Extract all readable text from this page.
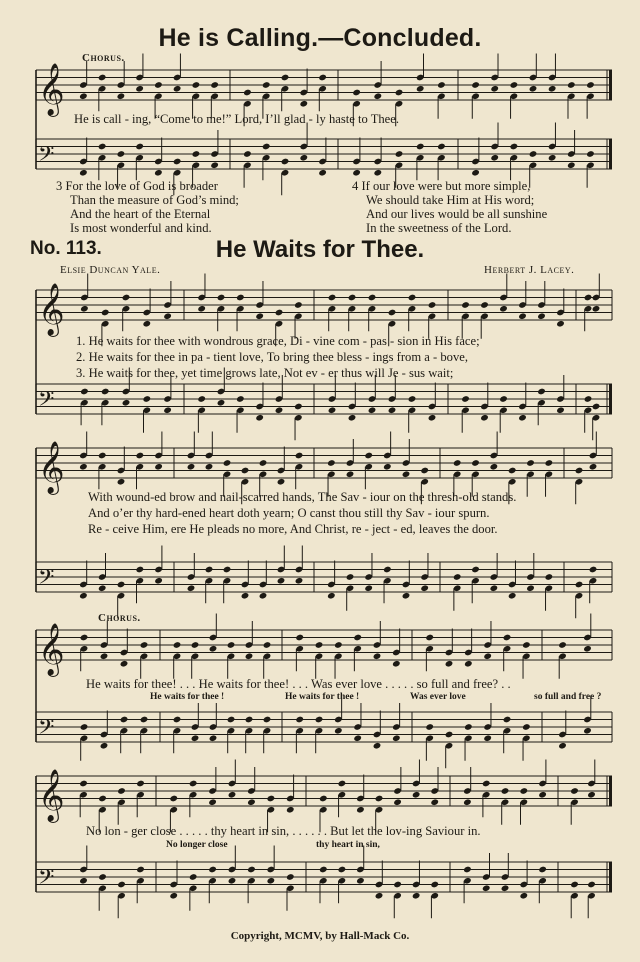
He is Calling.—Concluded.
Chorus.
He is call - ing, “Come to me!” Lord, I’ll glad - ly haste to Thee.
3 For the love of God is broader
Than the measure of God’s mind;
And the heart of the Eternal
Is most wonderful and kind.
4 If our love were but more simple,
We should take Him at His word;
And our lives would be all sunshine
In the sweetness of the Lord.
No. 113.	He Waits for Thee.
Elsie Duncan Yale.	Herbert J. Lacey.
1. He waits for thee with wondrous grace, Di - vine com - pas - sion in His face;
2. He waits for thee in pa - tient love, To bring thee bless - ings from a - bove,
3. He waits for thee, yet time grows late, Not ev - er thus will Je - sus wait;
With wound-ed brow and nail-scarred hands, The Sav - iour on the thresh-old stands.
And o’er thy hard-ened heart doth yearn; O canst thou still thy Sav - iour spurn.
Re - ceive Him, ere He pleads no more, And Christ, re - ject - ed, leaves the door.
Chorus.
He waits for thee! . . . He waits for thee! . . . Was ever love . . . . . so full and free? . .
He waits for thee !	He waits for thee !	Was ever love	so full and free ?
No lon - ger close . . . . . thy heart in sin, . . . . . . But let the lov-ing Saviour in.
No longer close	thy heart in sin,
Copyright, MCMV, by Hall-Mack Co.
𝄞
𝄢
𝄞
𝄢
𝄞
𝄢
𝄞
𝄢
𝄞
𝄢
